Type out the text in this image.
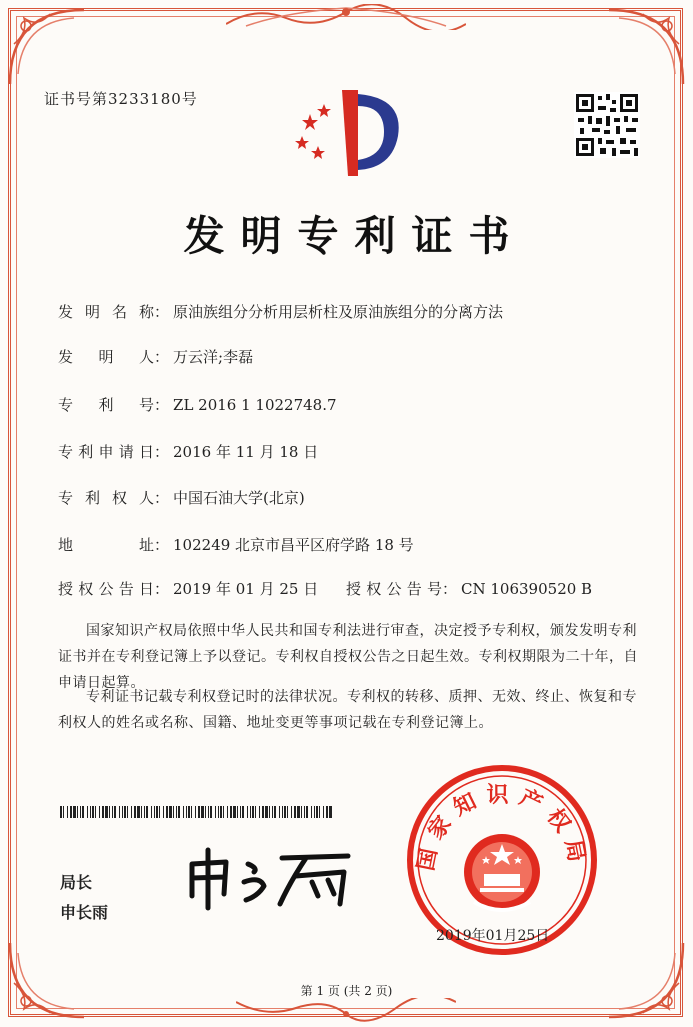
证书号第3233180号
发明专利证书
发 明 名 称： 原油族组分分析用层析柱及原油族组分的分离方法
发　明　人： 万云洋;李磊
专　利　号： ZL 2016 1 1022748.7
专利申请日： 2016 年 11 月 18 日
专 利 权 人： 中国石油大学(北京)
地　　　址： 102249 北京市昌平区府学路 18 号
授权公告日： 2019 年 01 月 25 日 授权公告号： CN 106390520 B
国家知识产权局依照中华人民共和国专利法进行审查，决定授予专利权，颁发发明专利证书并在专利登记簿上予以登记。专利权自授权公告之日起生效。专利权期限为二十年，自申请日起算。
专利证书记载专利权登记时的法律状况。专利权的转移、质押、无效、终止、恢复和专利权人的姓名或名称、国籍、地址变更等事项记载在专利登记簿上。
局长
申长雨
国家知识产权局
2019年01月25日
第 1 页 (共 2 页)
